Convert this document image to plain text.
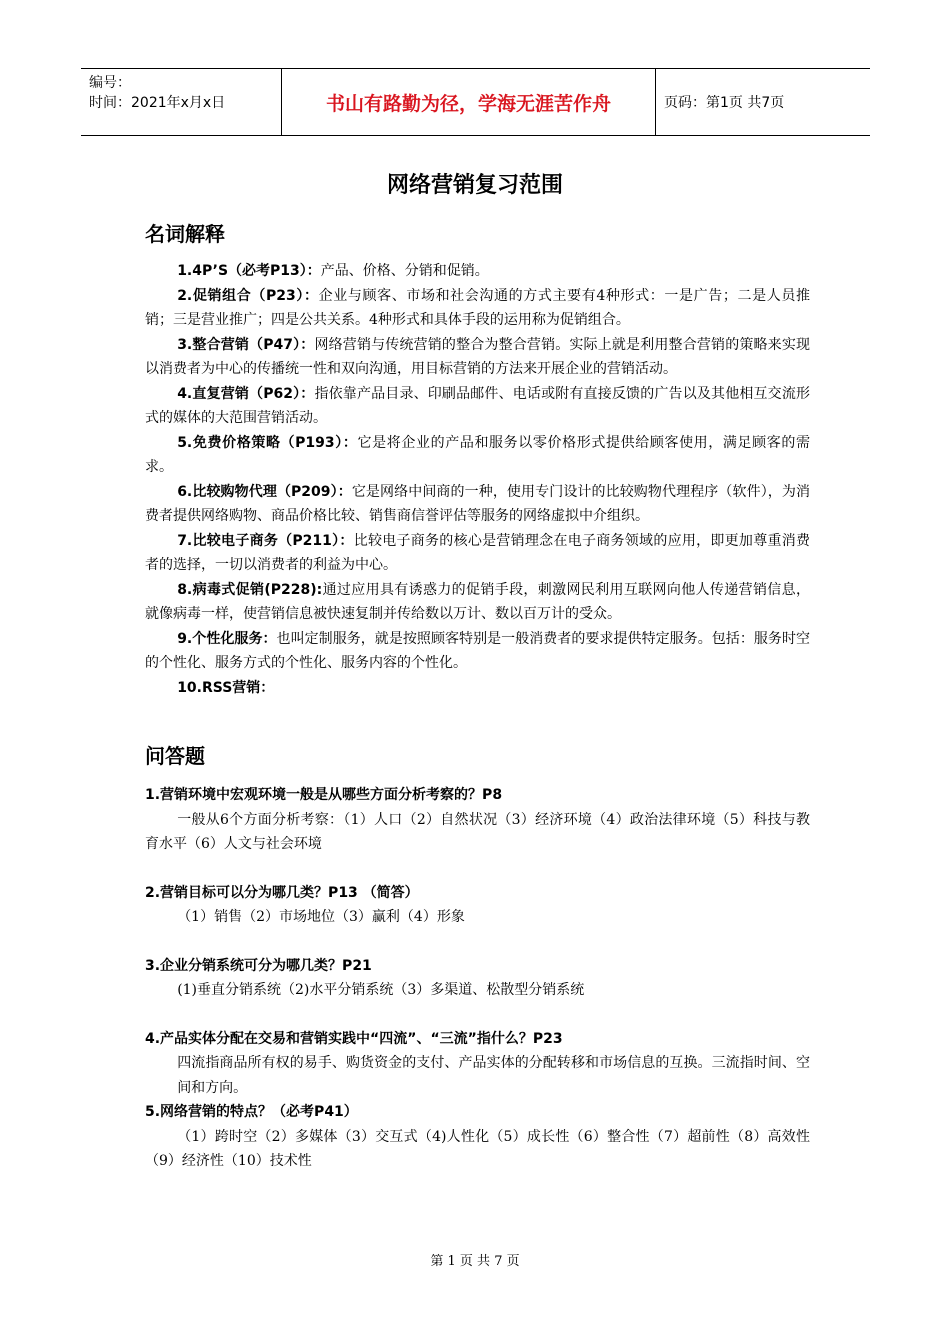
编号：
时间：2021年x月x日	书山有路勤为径，学海无涯苦作舟	页码：第1页 共7页
网络营销复习范围
名词解释

1.4P’S（必考P13）：产品、价格、分销和促销。

2.促销组合（P23）：企业与顾客、市场和社会沟通的方式主要有4种形式：一是广告；二是人员推销；三是营业推广；四是公共关系。4种形式和具体手段的运用称为促销组合。

3.整合营销（P47）：网络营销与传统营销的整合为整合营销。实际上就是利用整合营销的策略来实现以消费者为中心的传播统一性和双向沟通，用目标营销的方法来开展企业的营销活动。

4.直复营销（P62）：指依靠产品目录、印刷品邮件、电话或附有直接反馈的广告以及其他相互交流形式的媒体的大范围营销活动。

5.免费价格策略（P193）：它是将企业的产品和服务以零价格形式提供给顾客使用，满足顾客的需求。

6.比较购物代理（P209）：它是网络中间商的一种，使用专门设计的比较购物代理程序（软件），为消费者提供网络购物、商品价格比较、销售商信誉评估等服务的网络虚拟中介组织。

7.比较电子商务（P211）：比较电子商务的核心是营销理念在电子商务领域的应用，即更加尊重消费者的选择，一切以消费者的利益为中心。

8.病毒式促销(P228):通过应用具有诱惑力的促销手段，刺激网民利用互联网向他人传递营销信息，就像病毒一样，使营销信息被快速复制并传给数以万计、数以百万计的受众。

9.个性化服务：也叫定制服务，就是按照顾客特别是一般消费者的要求提供特定服务。包括：服务时空的个性化、服务方式的个性化、服务内容的个性化。

10.RSS营销：

问答题

1.营销环境中宏观环境一般是从哪些方面分析考察的？P8

一般从6个方面分析考察：（1）人口（2）自然状况（3）经济环境（4）政治法律环境（5）科技与教育水平（6）人文与社会环境

2.营销目标可以分为哪几类？P13 （简答）

（1）销售（2）市场地位（3）赢利（4）形象

3.企业分销系统可分为哪几类？P21

(1)垂直分销系统（2)水平分销系统（3）多渠道、松散型分销系统

4.产品实体分配在交易和营销实践中“四流”、“三流”指什么？P23

四流指商品所有权的易手、购货资金的支付、产品实体的分配转移和市场信息的互换。三流指时间、空间和方向。

5.网络营销的特点？（必考P41）

（1）跨时空（2）多媒体（3）交互式（4)人性化（5）成长性（6）整合性（7）超前性（8）高效性（9）经济性（10）技术性

第 1 页 共 7 页
